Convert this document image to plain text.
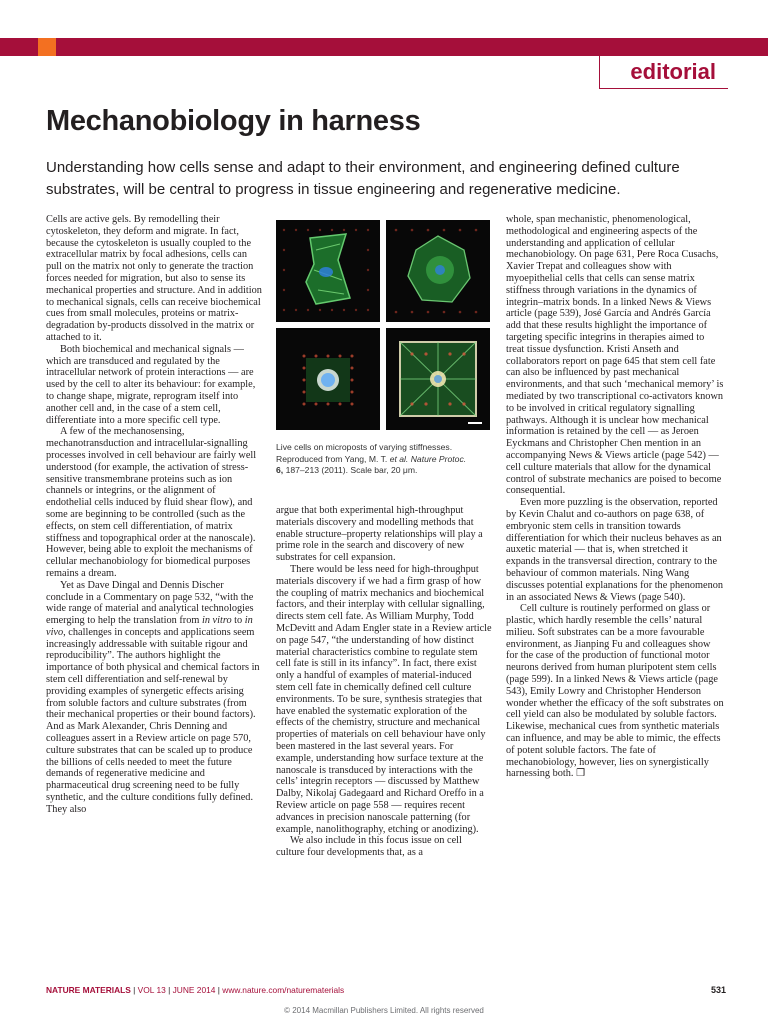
editorial
Mechanobiology in harness

Understanding how cells sense and adapt to their environment, and engineering defined culture substrates, will be central to progress in tissue engineering and regenerative medicine.

Cells are active gels. By remodelling their cytoskeleton, they deform and migrate. In fact, because the cytoskeleton is usually coupled to the extracellular matrix by focal adhesions, cells can pull on the matrix not only to generate the traction forces needed for migration, but also to sense its mechanical properties and structure. And in addition to mechanical signals, cells can receive biochemical cues from small molecules, proteins or matrix-degradation by-products dissolved in the matrix or attached to it.

Both biochemical and mechanical signals — which are transduced and regulated by the intracellular network of protein interactions — are used by the cell to alter its behaviour: for example, to change shape, migrate, reprogram itself into another cell and, in the case of a stem cell, differentiate into a more specific cell type.

A few of the mechanosensing, mechanotransduction and intracellular-signalling processes involved in cell behaviour are fairly well understood (for example, the activation of stress-sensitive transmembrane proteins such as ion channels or integrins, or the alignment of endothelial cells induced by fluid shear flow), and some are beginning to be controlled (such as the effects, on stem cell differentiation, of matrix stiffness and topographical order at the nanoscale). However, being able to exploit the mechanisms of cellular mechanobiology for biomedical purposes remains a dream.

Yet as Dave Dingal and Dennis Discher conclude in a Commentary on page 532, “with the wide range of material and analytical technologies emerging to help the translation from in vitro to in vivo, challenges in concepts and applications seem increasingly addressable with suitable rigour and reproducibility”. The authors highlight the importance of both physical and chemical factors in stem cell differentiation and self-renewal by providing examples of synergetic effects arising from soluble factors and culture substrates (from their mechanical properties or their bound factors). And as Mark Alexander, Chris Denning and colleagues assert in a Review article on page 570, culture substrates that can be scaled up to produce the billions of cells needed to meet the future demands of regenerative medicine and pharmaceutical drug screening need to be fully synthetic, and the culture conditions fully defined. They also

Live cells on microposts of varying stiffnesses.
Reproduced from Yang, M. T. et al. Nature Protoc.
6, 187–213 (2011). Scale bar, 20 μm.

argue that both experimental high-throughput materials discovery and modelling methods that enable structure–property relationships will play a prime role in the search and discovery of new substrates for cell expansion.

There would be less need for high-throughput materials discovery if we had a firm grasp of how the coupling of matrix mechanics and biochemical factors, and their interplay with cellular signalling, directs stem cell fate. As William Murphy, Todd McDevitt and Adam Engler state in a Review article on page 547, “the understanding of how distinct material characteristics combine to regulate stem cell fate is still in its infancy”. In fact, there exist only a handful of examples of material-induced stem cell fate in chemically defined cell culture environments. To be sure, synthesis strategies that have enabled the systematic exploration of the effects of the chemistry, structure and mechanical properties of materials on cell behaviour have only been mastered in the last several years. For example, understanding how surface texture at the nanoscale is transduced by interactions with the cells’ integrin receptors — discussed by Matthew Dalby, Nikolaj Gadegaard and Richard Oreffo in a Review article on page 558 — requires recent advances in precision nanoscale patterning (for example, nanolithography, etching or anodizing).

We also include in this focus issue on cell culture four developments that, as a

whole, span mechanistic, phenomenological, methodological and engineering aspects of the understanding and application of cellular mechanobiology. On page 631, Pere Roca Cusachs, Xavier Trepat and colleagues show with myoepithelial cells that cells can sense matrix stiffness through variations in the dynamics of integrin–matrix bonds. In a linked News & Views article (page 539), José García and Andrés García add that these results highlight the importance of targeting specific integrins in therapies aimed to treat tissue dysfunction. Kristi Anseth and collaborators report on page 645 that stem cell fate can also be influenced by past mechanical environments, and that such ‘mechanical memory’ is mediated by two transcriptional co-activators known to be involved in critical regulatory signalling pathways. Although it is unclear how mechanical information is retained by the cell — as Jeroen Eyckmans and Christopher Chen mention in an accompanying News & Views article (page 542) — cell culture materials that allow for the dynamical control of substrate mechanics are poised to become consequential.

Even more puzzling is the observation, reported by Kevin Chalut and co-authors on page 638, of embryonic stem cells in transition towards differentiation for which their nucleus behaves as an auxetic material — that is, when stretched it expands in the transversal direction, contrary to the behaviour of common materials. Ning Wang discusses potential explanations for the phenomenon in an associated News & Views (page 540).

Cell culture is routinely performed on glass or plastic, which hardly resemble the cells’ natural milieu. Soft substrates can be a more favourable environment, as Jianping Fu and colleagues show for the case of the production of functional motor neurons derived from human pluripotent stem cells (page 599). In a linked News & Views article (page 543), Emily Lowry and Christopher Henderson wonder whether the efficacy of the soft substrates on cell yield can also be modulated by soluble factors. Likewise, mechanical cues from synthetic materials can influence, and may be able to mimic, the effects of potent soluble factors. The fate of mechanobiology, however, lies on synergistically harnessing both. ❒

NATURE MATERIALS | VOL 13 | JUNE 2014 | www.nature.com/naturematerials	531
© 2014 Macmillan Publishers Limited. All rights reserved
